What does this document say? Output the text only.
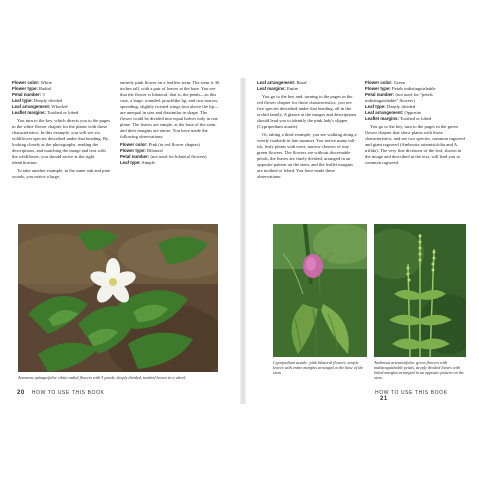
Flower color: White

Flower type: Radial

Petal number: 5

Leaf type: Deeply divided

Leaf arrangement: Whorled

Leaflet margins: Toothed or lobed

You turn to the key, which directs you to the pages in the white flower chapter for the plants with those characteristics. In this example, you will see six wildflower species described under that heading. By looking closely at the photographs, reading the descriptions, and matching the image and text with the wildflower, you should arrive at the right identification.

To take another example, in the same oak and pine woods, you notice a large,

entirely pink flower on a leafless stem. The stem is 36 inches tall, with a pair of leaves at the base. You see that the flower is bilateral, that is, the petals—in this case, a large, rounded, pouchlike lip, and two narrow, spreading, slightly twisted wings (not above the lip—are unequal in size and dissimilar in shape. The flower could be divided into equal halves only in one plane. The leaves are simple, at the base of the stem, and their margins are entire. You have made the following observations:

Flower color: Pink (in red flower chapter)

Flower type: Bilateral

Petal number: (not used for bilateral flowers)

Leaf type: Simple

Anemone quinquefolia: white radial flowers with 5 petals, deeply divided, toothed leaves in a whorl.
20 HOW TO USE THIS BOOK

Leaf arrangement: Basal

Leaf margins: Entire

You go to the key and, turning to the pages in the red flower chapter for those characteristics, you see five species described under that heading, all in the orchid family. A glance at the images and descriptions should lead you to identify the pink lady's slipper (Cypripedium acaule).

Or, taking a third example, you are walking along a weedy roadside in late summer. You notice many tall-ish, leafy plants with erect, narrow clusters of tiny green flowers. The flowers are without discernable petals, the leaves are finely divided, arranged in an opposite pattern on the stem, and the leaflet margins are toothed or lobed. You have made these observations:

Flower color: Green

Flower type: Petals indistinguishable

Petal number: (not used for "petals indistinguishable" flowers)

Leaf type: Deeply divided

Leaf arrangement: Opposite

Leaflet margins: Toothed or lobed

You go to the key, turn to the pages in the green flower chapter that show plants with those characteristics, and see two species, common ragweed and giant ragweed (Ambrosia artemisiifolia and A. trifida). The very fine divisions of the leaf, shown in the image and described in the text, will lead you to common ragweed.

Cypripedium acaule: pink bilateral flowers, simple leaves with entire margins arranged at the base of the stem.
Ambrosia artemisiifolia: green flowers with indistinguishable petals, deeply divided leaves with lobed margins arranged in an opposite pattern on the stem.
HOW TO USE THIS BOOK 21
